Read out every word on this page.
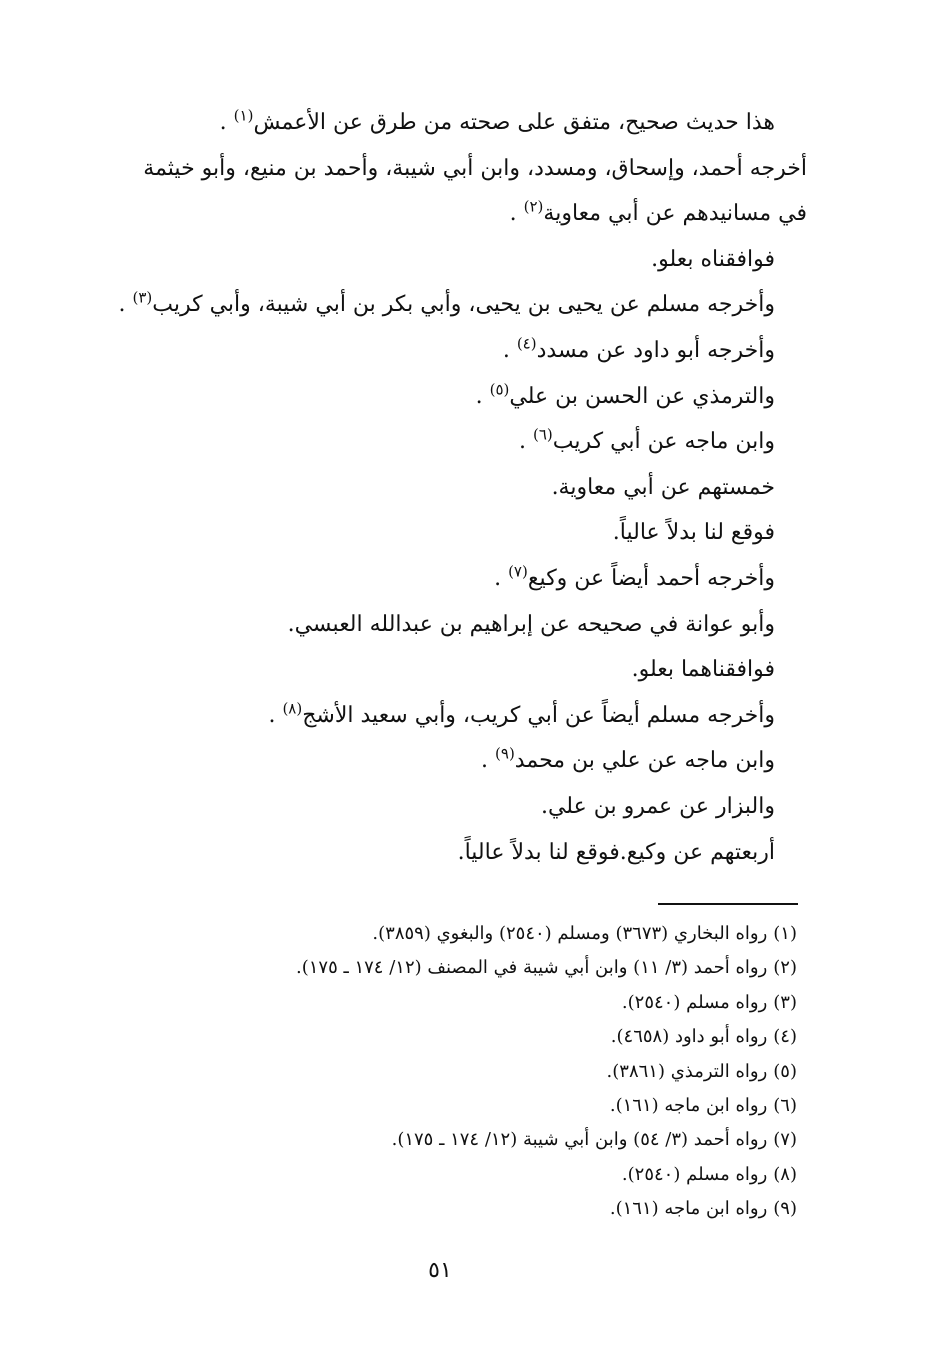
هذا حديث صحيح، متفق على صحته من طرق عن الأعمش$^{(١)}$ .
أخرجه أحمد، وإسحاق، ومسدد، وابن أبي شيبة، وأحمد بن منيع، وأبو خيثمة
في مسانيدهم عن أبي معاوية$^{(٢)}$ .
فوافقناه بعلو.
وأخرجه مسلم عن يحيى بن يحيى، وأبي بكر بن أبي شيبة، وأبي كريب$^{(٣)}$ .
وأخرجه أبو داود عن مسدد$^{(٤)}$ .
والترمذي عن الحسن بن علي$^{(٥)}$ .
وابن ماجه عن أبي كريب$^{(٦)}$ .
خمستهم عن أبي معاوية.
فوقع لنا بدلاً عالياً.
وأخرجه أحمد أيضاً عن وكيع$^{(٧)}$ .
وأبو عوانة في صحيحه عن إبراهيم بن عبدالله العبسي.
فوافقناهما بعلو.
وأخرجه مسلم أيضاً عن أبي كريب، وأبي سعيد الأشج$^{(٨)}$ .
وابن ماجه عن علي بن محمد$^{(٩)}$ .
والبزار عن عمرو بن علي.
أربعتهم عن وكيع.فوقع لنا بدلاً عالياً.
(١)رواه البخاري (٣٦٧٣) ومسلم (٢٥٤٠) والبغوي (٣٨٥٩).
(٢)رواه أحمد (٣/ ١١) وابن أبي شيبة في المصنف (١٢/ ١٧٤ ـ ١٧٥).
(٣)رواه مسلم (٢٥٤٠).
(٤)رواه أبو داود (٤٦٥٨).
(٥)رواه الترمذي (٣٨٦١).
(٦)رواه ابن ماجه (١٦١).
(٧)رواه أحمد (٣/ ٥٤) وابن أبي شيبة (١٢/ ١٧٤ ـ ١٧٥).
(٨)رواه مسلم (٢٥٤٠).
(٩)رواه ابن ماجه (١٦١).
٥١
